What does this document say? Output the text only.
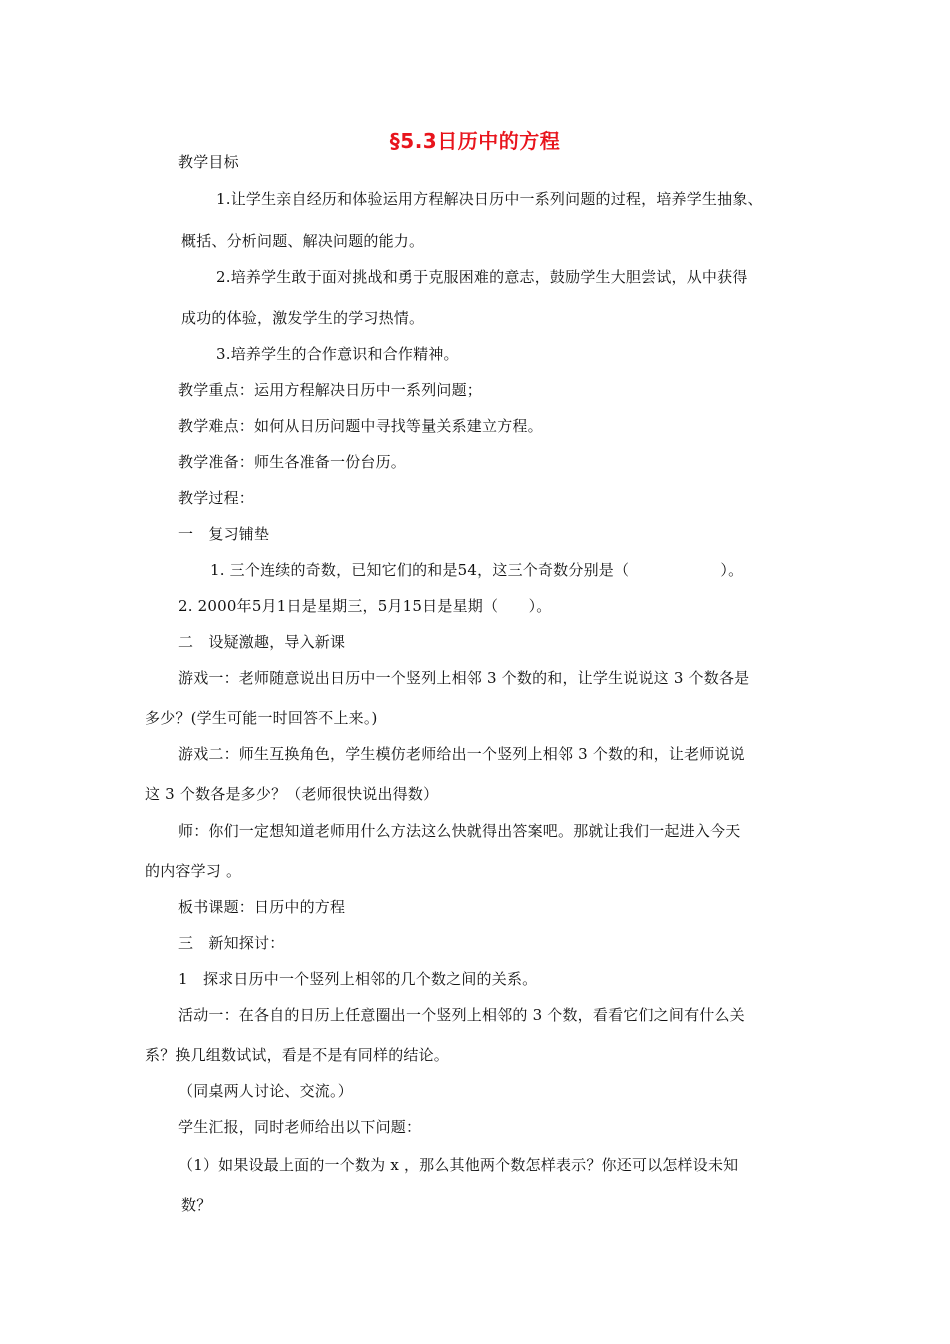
§5.3日历中的方程
教学目标
1.让学生亲自经历和体验运用方程解决日历中一系列问题的过程，培养学生抽象、
概括、分析问题、解决问题的能力。
2.培养学生敢于面对挑战和勇于克服困难的意志，鼓励学生大胆尝试，从中获得
成功的体验，激发学生的学习热情。
3.培养学生的合作意识和合作精神。
教学重点：运用方程解决日历中一系列问题；
教学难点：如何从日历问题中寻找等量关系建立方程。
教学准备：师生各准备一份台历。
教学过程：
一　复习铺垫
1. 三个连续的奇数，已知它们的和是54，这三个奇数分别是（　　　　　　）。
2. 2000年5月1日是星期三，5月15日是星期（　　）。
二　设疑激趣，导入新课
游戏一：老师随意说出日历中一个竖列上相邻 3 个数的和，让学生说说这 3 个数各是
多少？(学生可能一时回答不上来。)
游戏二：师生互换角色，学生模仿老师给出一个竖列上相邻 3 个数的和，让老师说说
这 3 个数各是多少？（老师很快说出得数）
师：你们一定想知道老师用什么方法这么快就得出答案吧。那就让我们一起进入今天
的内容学习 。
板书课题：日历中的方程
三　新知探讨：
1　探求日历中一个竖列上相邻的几个数之间的关系。
活动一：在各自的日历上任意圈出一个竖列上相邻的 3 个数，看看它们之间有什么关
系？换几组数试试，看是不是有同样的结论。
（同桌两人讨论、交流。）
学生汇报，同时老师给出以下问题：
（1）如果设最上面的一个数为 x ，那么其他两个数怎样表示？你还可以怎样设未知
数？
